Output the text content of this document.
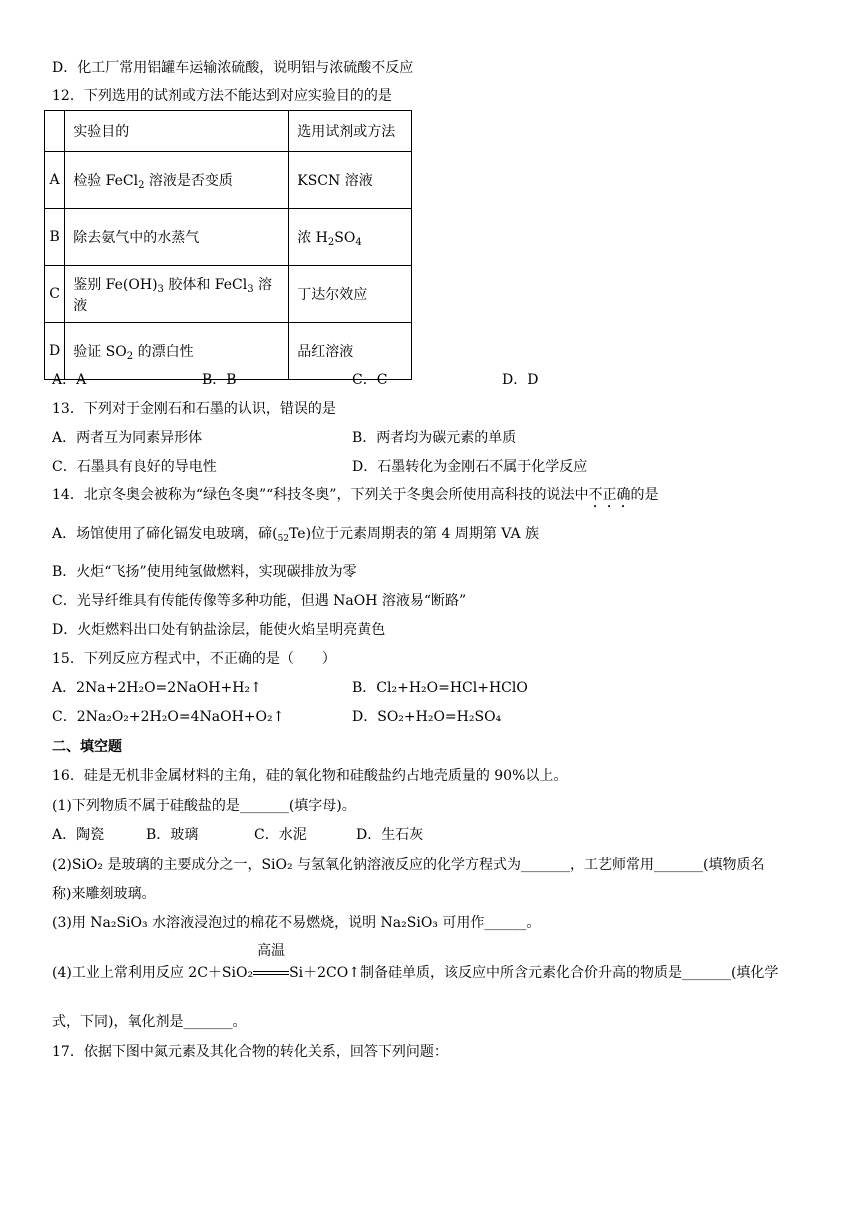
D．化工厂常用铝罐车运输浓硫酸，说明铝与浓硫酸不反应
12．下列选用的试剂或方法不能达到对应实验目的的是
	实验目的	选用试剂或方法
A	检验 FeCl$_2$ 溶液是否变质	KSCN 溶液
B	除去氨气中的水蒸气	浓 $H_2SO_4$
C	鉴别 $Fe(OH)_3$ 胶体和 FeCl$_3$ 溶液	丁达尔效应
D	验证 $SO_2$ 的漂白性	品红溶液
A．A	B．B	C．C	D．D
13．下列对于金刚石和石墨的认识，错误的是
A．两者互为同素异形体	B．两者均为碳元素的单质
C．石墨具有良好的导电性	D．石墨转化为金刚石不属于化学反应
14．北京冬奥会被称为“绿色冬奥”“科技冬奥”，下列关于冬奥会所使用高科技的说法中不正确的是
A．场馆使用了碲化镉发电玻璃，碲$(_{52}Te)$位于元素周期表的第 4 周期第 VA 族
B．火炬“飞扬”使用纯氢做燃料，实现碳排放为零
C．光导纤维具有传能传像等多种功能，但遇 NaOH 溶液易“断路”
D．火炬燃料出口处有钠盐涂层，能使火焰呈明亮黄色
15．下列反应方程式中，不正确的是（　　）
A．2Na+2H₂O=2NaOH+H₂↑	B．Cl₂+H₂O=HCl+HClO
C．2Na₂O₂+2H₂O=4NaOH+O₂↑	D．SO₂+H₂O=H₂SO₄
二、填空题
16．硅是无机非金属材料的主角，硅的氧化物和硅酸盐约占地壳质量的 90%以上。
(1)下列物质不属于硅酸盐的是_______(填字母)。
A．陶瓷	B．玻璃	C．水泥	D．生石灰
(2)SiO₂ 是玻璃的主要成分之一，SiO₂ 与氢氧化钠溶液反应的化学方程式为_______，工艺师常用_______(填物质名
称)来雕刻玻璃。
(3)用 Na₂SiO₃ 水溶液浸泡过的棉花不易燃烧，说明 Na₂SiO₃ 可用作______。
(4)工业上常利用反应 2C＋SiO₂
高温
Si＋2CO↑制备硅单质，该反应中所含元素化合价升高的物质是_______(填化学
式，下同)，氧化剂是_______。
17．依据下图中氮元素及其化合物的转化关系，回答下列问题：
